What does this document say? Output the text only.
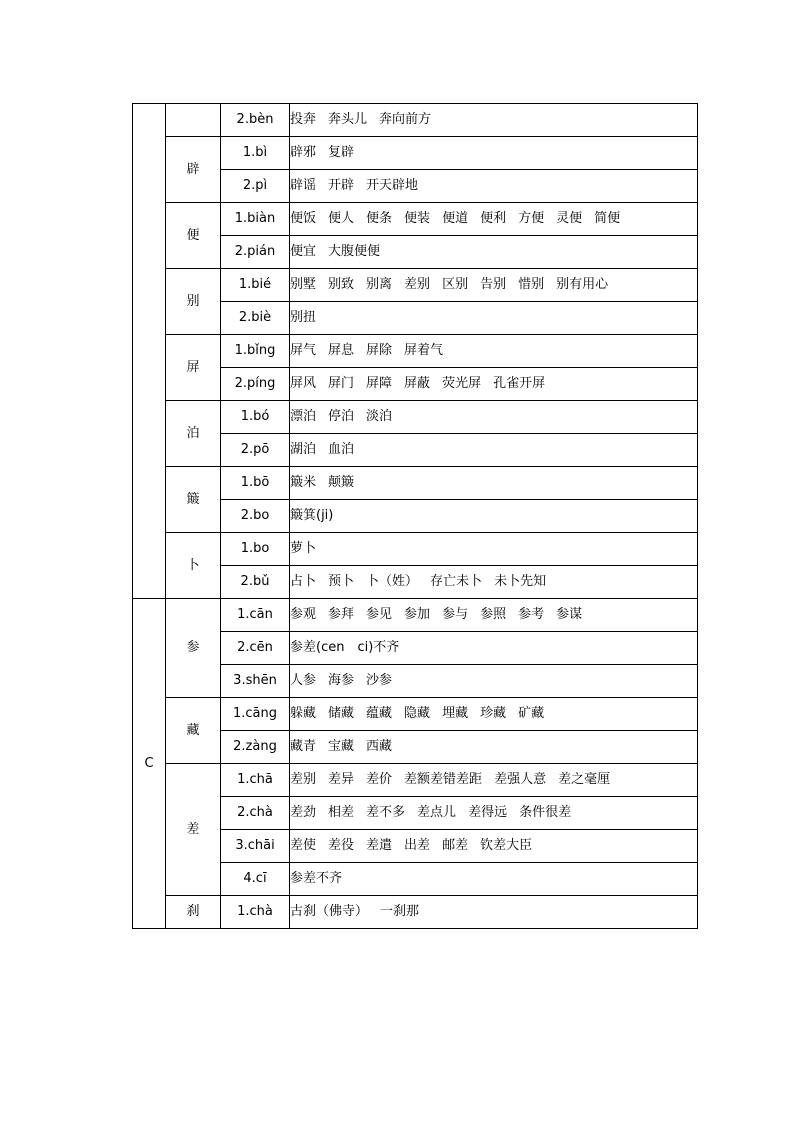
		2.bèn	投奔 奔头儿 奔向前方
	辟	1.bì	辟邪 复辟
		2.pì	辟谣 开辟 开天辟地
	便	1.biàn	便饭 便人 便条 便装 便道 便利 方便 灵便 简便
		2.pián	便宜 大腹便便
	别	1.bié	别墅 别致 别离 差别 区别 告别 惜别 别有用心
		2.biè	别扭
	屏	1.bǐng	屏气 屏息 屏除 屏着气
		2.píng	屏风 屏门 屏障 屏蔽 荧光屏 孔雀开屏
	泊	1.bó	漂泊 停泊 淡泊
		2.pō	湖泊 血泊
	簸	1.bō	簸米 颠簸
		2.bo	簸箕(ji)
	卜	1.bo	萝卜
		2.bǔ	占卜 预卜 卜（姓） 存亡未卜 未卜先知
C	参	1.cān	参观 参拜 参见 参加 参与 参照 参考 参谋
		2.cēn	参差(cen　ci)不齐
		3.shēn	人参 海参 沙参
	藏	1.cāng	躲藏 储藏 蕴藏 隐藏 埋藏 珍藏 矿藏
		2.zàng	藏青 宝藏 西藏
	差	1.chā	差别 差异 差价 差额差错差距 差强人意 差之毫厘
		2.chà	差劲 相差 差不多 差点儿 差得远 条件很差
		3.chāi	差使 差役 差遣 出差 邮差 钦差大臣
		4.cī	参差不齐
	刹	1.chà	古刹（佛寺） 一刹那
